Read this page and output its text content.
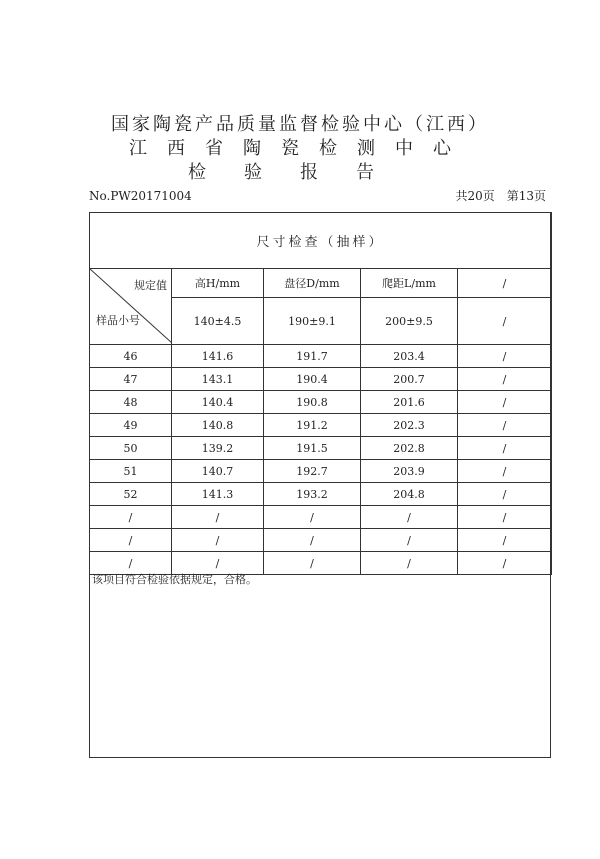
国家陶瓷产品质量监督检验中心（江西）
江西省陶瓷检测中心
检验报告
No.PW20171004	共20页 第13页
尺寸检查（抽样）				

规定值
样品小号	高H/mm	盘径D/mm	爬距L/mm	/
	140±4.5	190±9.1	200±9.5	/
46	141.6	191.7	203.4	/
47	143.1	190.4	200.7	/
48	140.4	190.8	201.6	/
49	140.8	191.2	202.3	/
50	139.2	191.5	202.8	/
51	140.7	192.7	203.9	/
52	141.3	193.2	204.8	/
/	/	/	/	/
/	/	/	/	/
/	/	/	/	/
该项目符合检验依据规定，合格。
